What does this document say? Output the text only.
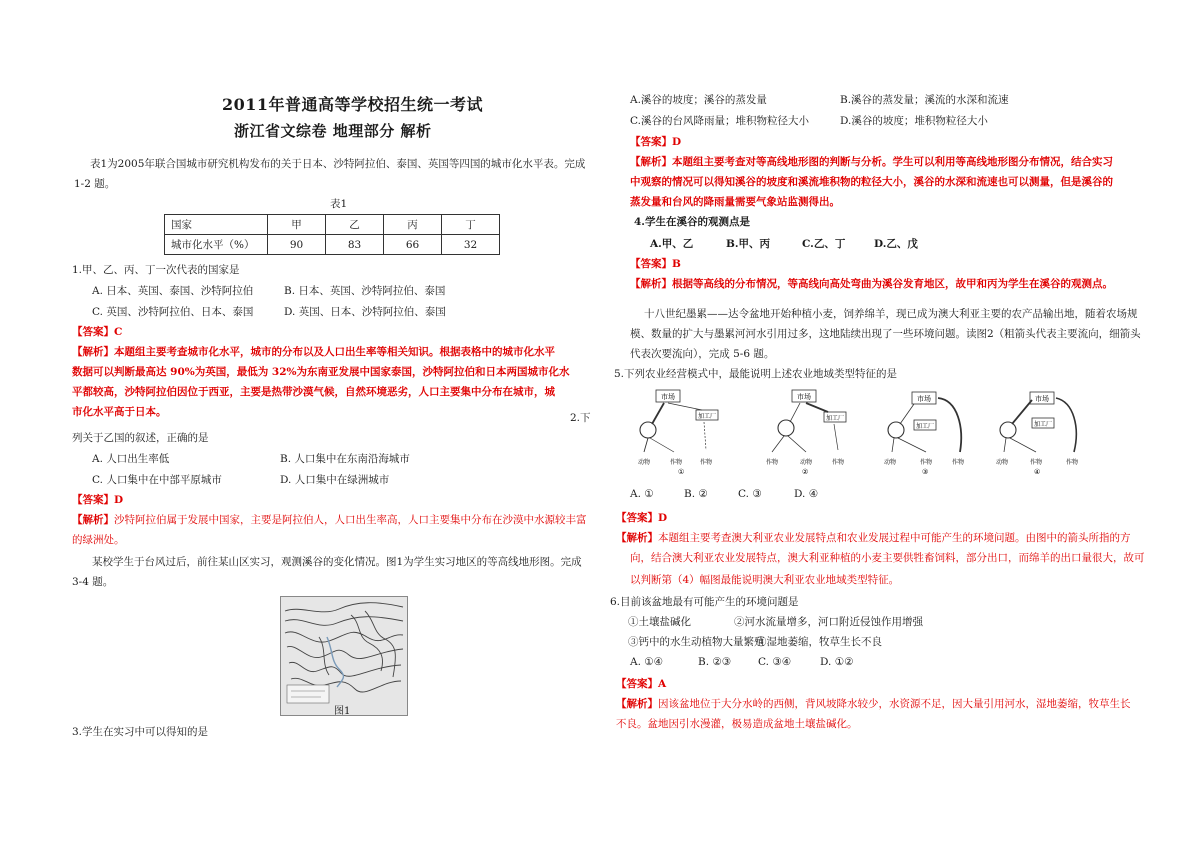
2011年普通高等学校招生统一考试
浙江省文综卷 地理部分 解析
表1为2005年联合国城市研究机构发布的关于日本、沙特阿拉伯、泰国、英国等四国的城市化水平表。完成
1-2 题。
表1
国家	甲	乙	丙	丁
城市化水平（%）	90	83	66	32
1.甲、乙、丙、丁一次代表的国家是
A. 日本、英国、泰国、沙特阿拉伯	B. 日本、英国、沙特阿拉伯、泰国
C. 英国、沙特阿拉伯、日本、泰国	D. 英国、日本、沙特阿拉伯、泰国
【答案】C
【解析】本题组主要考查城市化水平，城市的分布以及人口出生率等相关知识。根据表格中的城市化水平
数据可以判断最高达 90%为英国，最低为 32%为东南亚发展中国家泰国，沙特阿拉伯和日本两国城市化水
平都较高，沙特阿拉伯因位于西亚，主要是热带沙漠气候，自然环境恶劣，人口主要集中分布在城市，城
市化水平高于日本。	2.下
列关于乙国的叙述，正确的是
A. 人口出生率低	B. 人口集中在东南沿海城市
C. 人口集中在中部平原城市	D. 人口集中在绿洲城市
【答案】D
【解析】沙特阿拉伯属于发展中国家，主要是阿拉伯人，人口出生率高，人口主要集中分布在沙漠中水源较丰富
的绿洲处。
某校学生于台风过后，前往某山区实习，观测溪谷的变化情况。图1为学生实习地区的等高线地形图。完成
3-4 题。
图1
3.学生在实习中可以得知的是
A.溪谷的坡度；溪谷的蒸发量	B.溪谷的蒸发量；溪流的水深和流速
C.溪谷的台风降雨量；堆积物粒径大小	D.溪谷的坡度；堆积物粒径大小
【答案】D
【解析】本题组主要考查对等高线地形图的判断与分析。学生可以利用等高线地形图分布情况，结合实习
中观察的情况可以得知溪谷的坡度和溪流堆积物的粒径大小，溪谷的水深和流速也可以测量，但是溪谷的
蒸发量和台风的降雨量需要气象站监测得出。
4.学生在溪谷的观测点是
A.甲、乙	B.甲、丙	C.乙、丁	D.乙、戊
【答案】B
【解析】根据等高线的分布情况，等高线向高处弯曲为溪谷发育地区，故甲和丙为学生在溪谷的观测点。
十八世纪墨累——达令盆地开始种植小麦，饲养绵羊，现已成为澳大利亚主要的农产品输出地，随着农场规
模、数量的扩大与墨累河河水引用过多，这地陆续出现了一些环境问题。读图2（粗箭头代表主要流向，细箭头
代表次要流向），完成 5-6 题。
5.下列农业经营模式中，最能说明上述农业地域类型特征的是
市场
加工厂
动物	作物	作物
①
市场
加工厂
作物	动物	作物
②
市场
加工厂
动物	作物	作物
③
市场
加工厂
动物	作物	作物
④
A. ①	B. ②	C. ③	D. ④
【答案】D
【解析】本题组主要考查澳大利亚农业发展特点和农业发展过程中可能产生的环境问题。由图中的箭头所指的方
向，结合澳大利亚农业发展特点，澳大利亚种植的小麦主要供牲畜饲料，部分出口，而绵羊的出口量很大，故可
以判断第（4）幅图最能说明澳大利亚农业地域类型特征。
6.目前该盆地最有可能产生的环境问题是
①土壤盐碱化	②河水流量增多，河口附近侵蚀作用增强
③钙中的水生动植物大量繁殖
④湿地萎缩，牧草生长不良
A. ①④	B. ②③	C. ③④	D. ①②
【答案】A
【解析】因该盆地位于大分水岭的西侧，背风坡降水较少，水资源不足，因大量引用河水，湿地萎缩，牧草生长
不良。盆地因引水漫灌，极易造成盆地土壤盐碱化。
